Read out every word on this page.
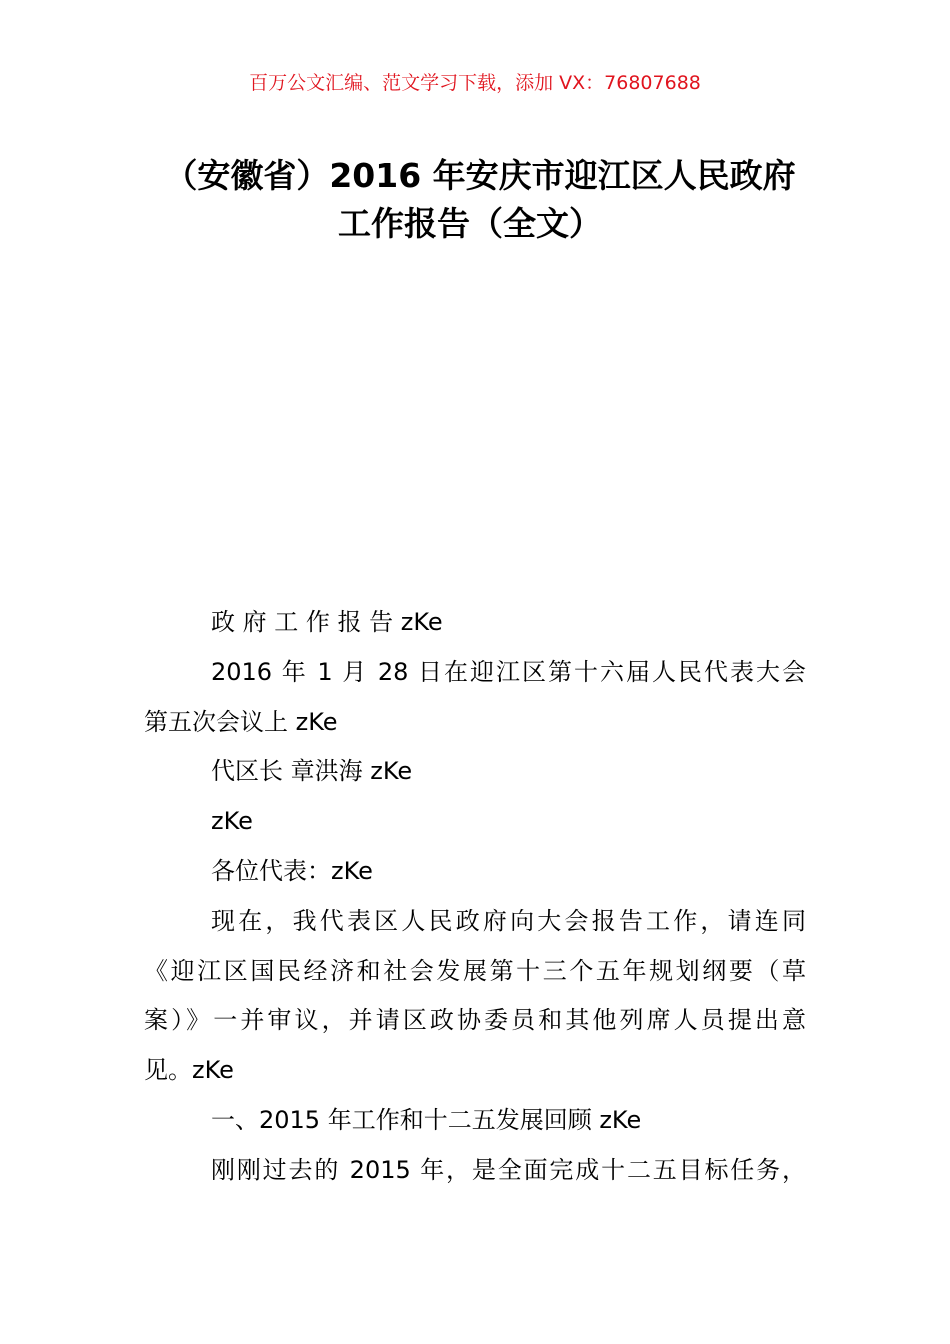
百万公文汇编、范文学习下载，添加 VX：76807688
（安徽省）2016 年安庆市迎江区人民政府
工作报告（全文）
政 府 工 作 报 告 zKe
2016 年 1 月 28 日在迎江区第十六届人民代表大会
第五次会议上 zKe
代区长 章洪海 zKe
zKe
各位代表：zKe
现在，我代表区人民政府向大会报告工作，请连同
《迎江区国民经济和社会发展第十三个五年规划纲要（草
案）》一并审议，并请区政协委员和其他列席人员提出意
见。zKe
一、2015 年工作和十二五发展回顾 zKe
刚刚过去的 2015 年，是全面完成十二五目标任务，
